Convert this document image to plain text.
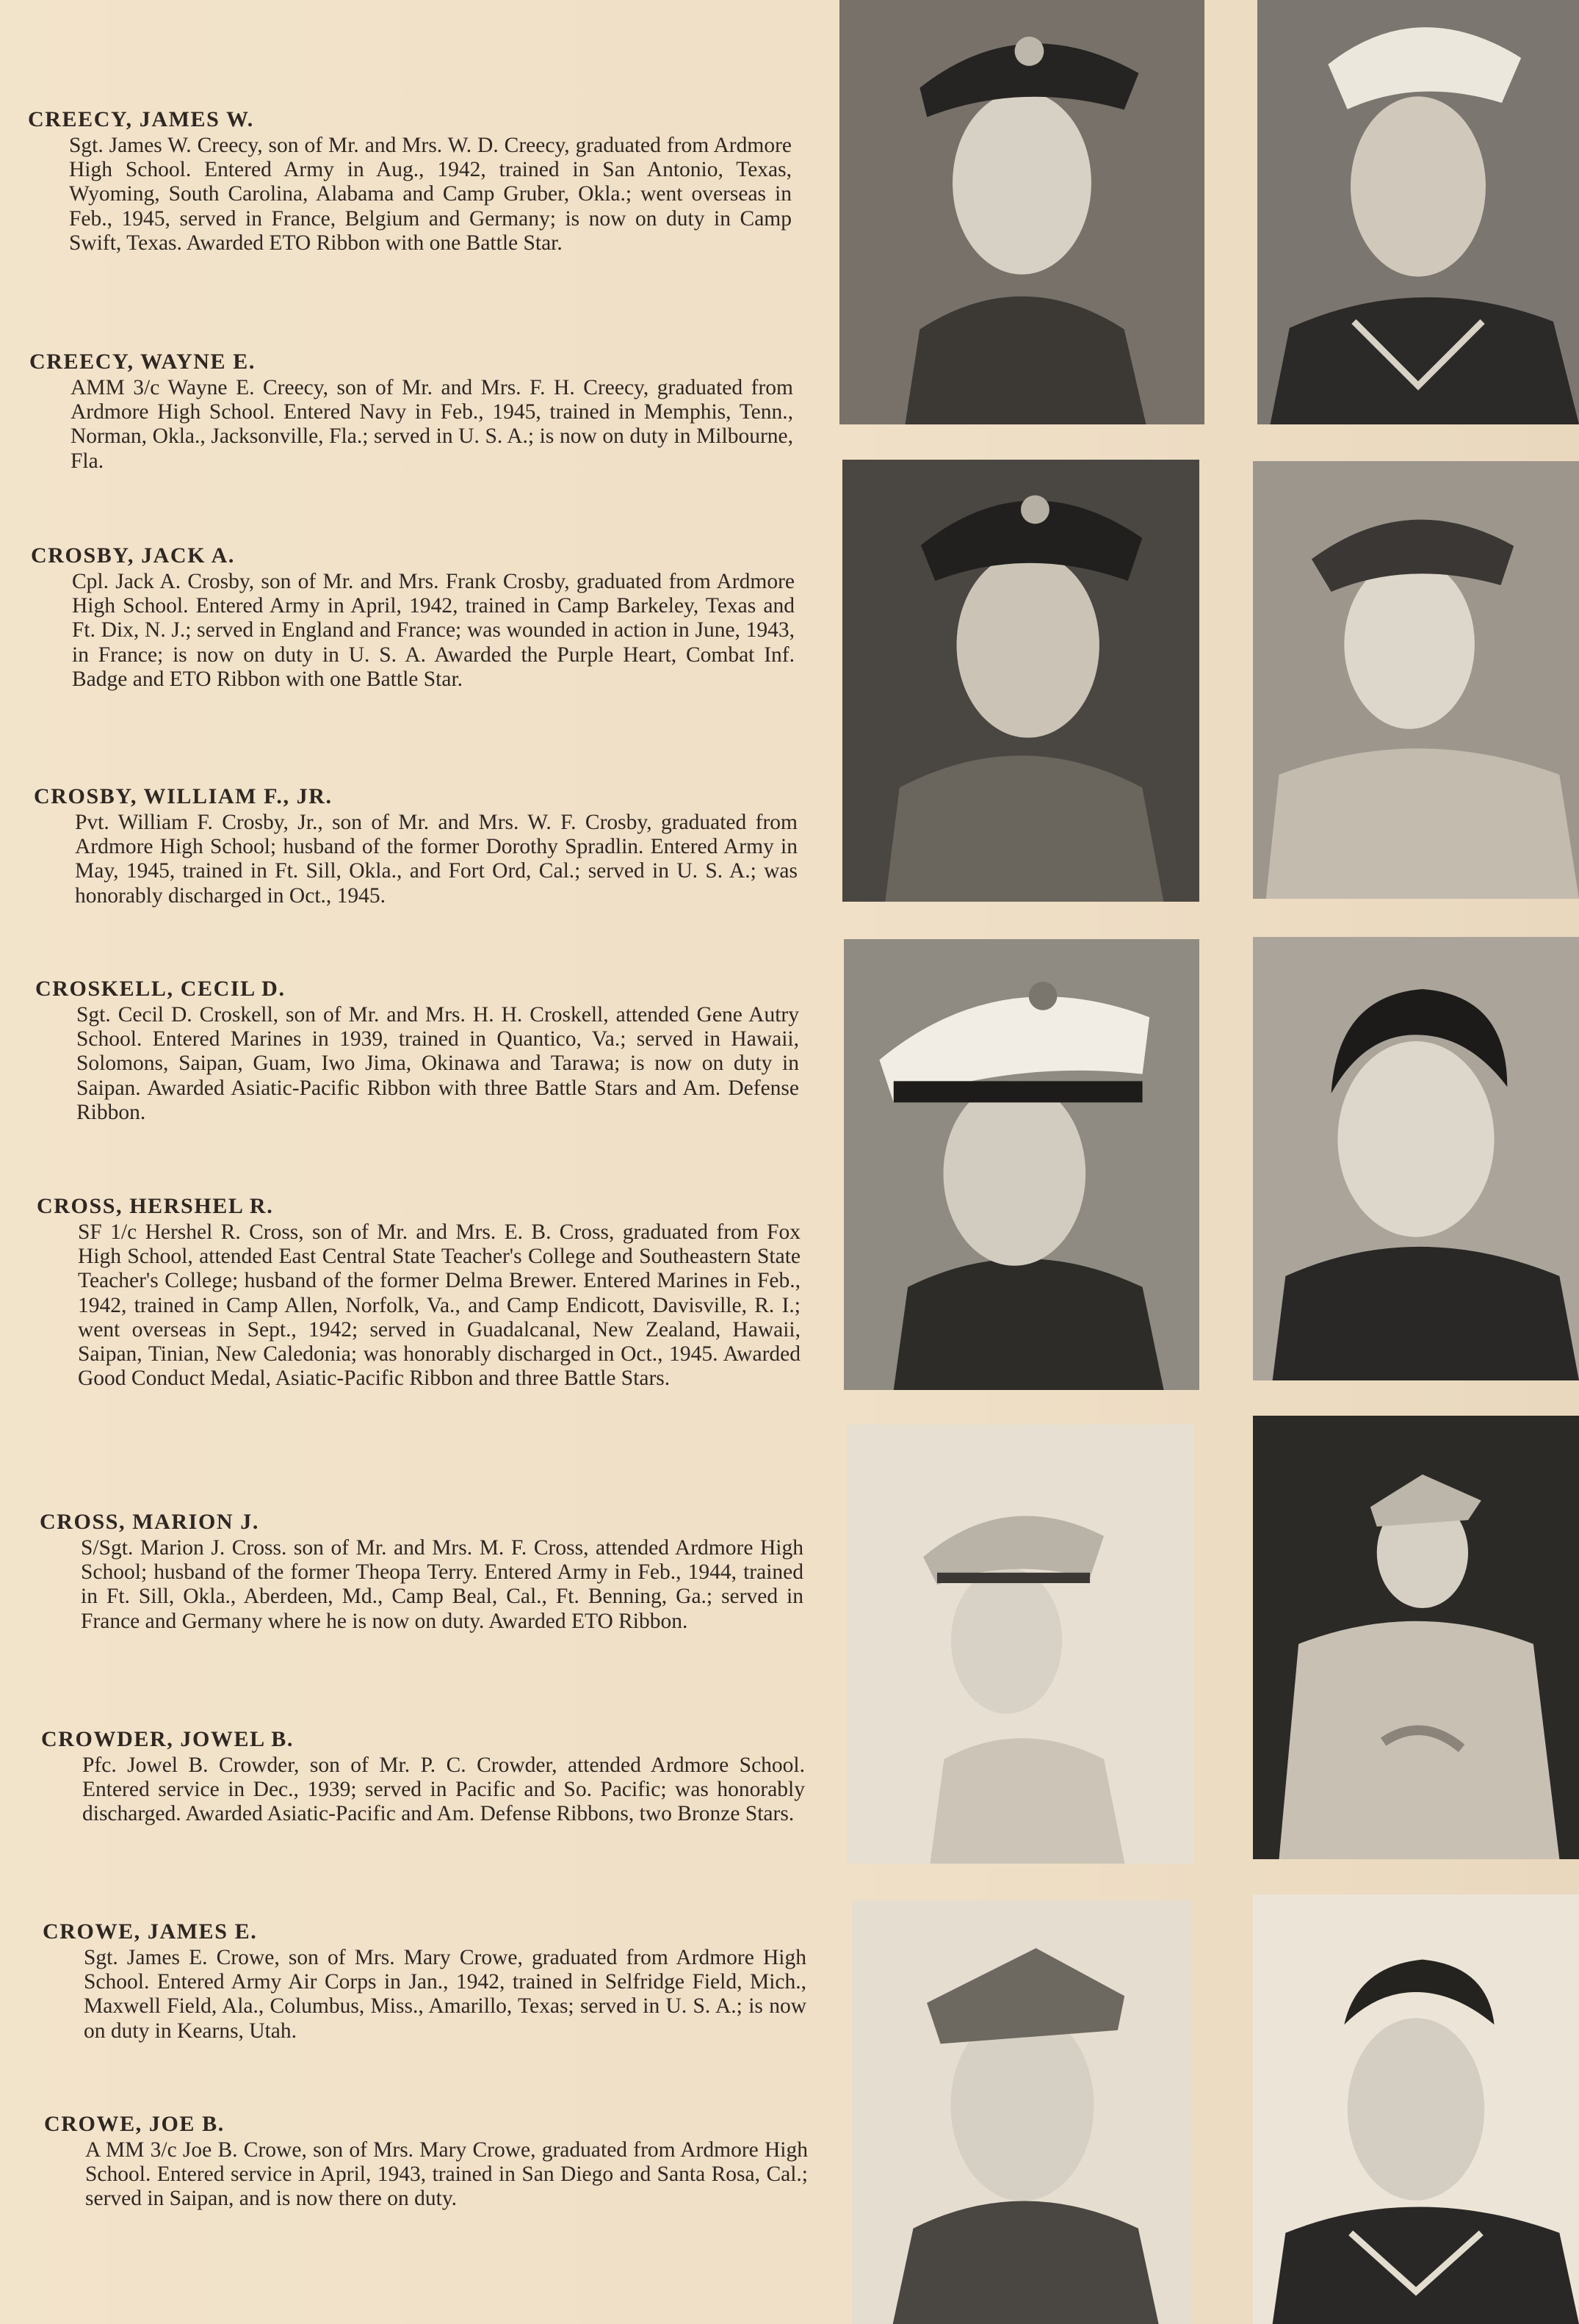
CREECY, JAMES W.
Sgt. James W. Creecy, son of Mr. and Mrs. W. D. Creecy, graduated from Ardmore High School. Entered Army in Aug., 1942, trained in San Antonio, Texas, Wyoming, South Carolina, Alabama and Camp Gruber, Okla.; went overseas in Feb., 1945, served in France, Belgium and Germany; is now on duty in Camp Swift, Texas. Awarded ETO Ribbon with one Battle Star.
CREECY, WAYNE E.
AMM 3/c Wayne E. Creecy, son of Mr. and Mrs. F. H. Creecy, graduated from Ardmore High School. Entered Navy in Feb., 1945, trained in Memphis, Tenn., Norman, Okla., Jacksonville, Fla.; served in U. S. A.; is now on duty in Milbourne, Fla.
CROSBY, JACK A.
Cpl. Jack A. Crosby, son of Mr. and Mrs. Frank Crosby, graduated from Ardmore High School. Entered Army in April, 1942, trained in Camp Barkeley, Texas and Ft. Dix, N. J.; served in England and France; was wounded in action in June, 1943, in France; is now on duty in U. S. A. Awarded the Purple Heart, Combat Inf. Badge and ETO Ribbon with one Battle Star.
CROSBY, WILLIAM F., JR.
Pvt. William F. Crosby, Jr., son of Mr. and Mrs. W. F. Crosby, graduated from Ardmore High School; husband of the former Dorothy Spradlin. Entered Army in May, 1945, trained in Ft. Sill, Okla., and Fort Ord, Cal.; served in U. S. A.; was honorably discharged in Oct., 1945.
CROSKELL, CECIL D.
Sgt. Cecil D. Croskell, son of Mr. and Mrs. H. H. Croskell, attended Gene Autry School. Entered Marines in 1939, trained in Quantico, Va.; served in Hawaii, Solomons, Saipan, Guam, Iwo Jima, Okinawa and Tarawa; is now on duty in Saipan. Awarded Asiatic-Pacific Ribbon with three Battle Stars and Am. Defense Ribbon.
CROSS, HERSHEL R.
SF 1/c Hershel R. Cross, son of Mr. and Mrs. E. B. Cross, graduated from Fox High School, attended East Central State Teacher's College and Southeastern State Teacher's College; husband of the former Delma Brewer. Entered Marines in Feb., 1942, trained in Camp Allen, Norfolk, Va., and Camp Endicott, Davisville, R. I.; went overseas in Sept., 1942; served in Guadalcanal, New Zealand, Hawaii, Saipan, Tinian, New Caledonia; was honorably discharged in Oct., 1945. Awarded Good Conduct Medal, Asiatic-Pacific Ribbon and three Battle Stars.
CROSS, MARION J.
S/Sgt. Marion J. Cross. son of Mr. and Mrs. M. F. Cross, attended Ardmore High School; husband of the former Theopa Terry. Entered Army in Feb., 1944, trained in Ft. Sill, Okla., Aberdeen, Md., Camp Beal, Cal., Ft. Benning, Ga.; served in France and Germany where he is now on duty. Awarded ETO Ribbon.
CROWDER, JOWEL B.
Pfc. Jowel B. Crowder, son of Mr. P. C. Crowder, attended Ardmore School. Entered service in Dec., 1939; served in Pacific and So. Pacific; was honorably discharged. Awarded Asiatic-Pacific and Am. Defense Ribbons, two Bronze Stars.
CROWE, JAMES E.
Sgt. James E. Crowe, son of Mrs. Mary Crowe, graduated from Ardmore High School. Entered Army Air Corps in Jan., 1942, trained in Selfridge Field, Mich., Maxwell Field, Ala., Columbus, Miss., Amarillo, Texas; served in U. S. A.; is now on duty in Kearns, Utah.
CROWE, JOE B.
A MM 3/c Joe B. Crowe, son of Mrs. Mary Crowe, graduated from Ardmore High School. Entered service in April, 1943, trained in San Diego and Santa Rosa, Cal.; served in Saipan, and is now there on duty.
